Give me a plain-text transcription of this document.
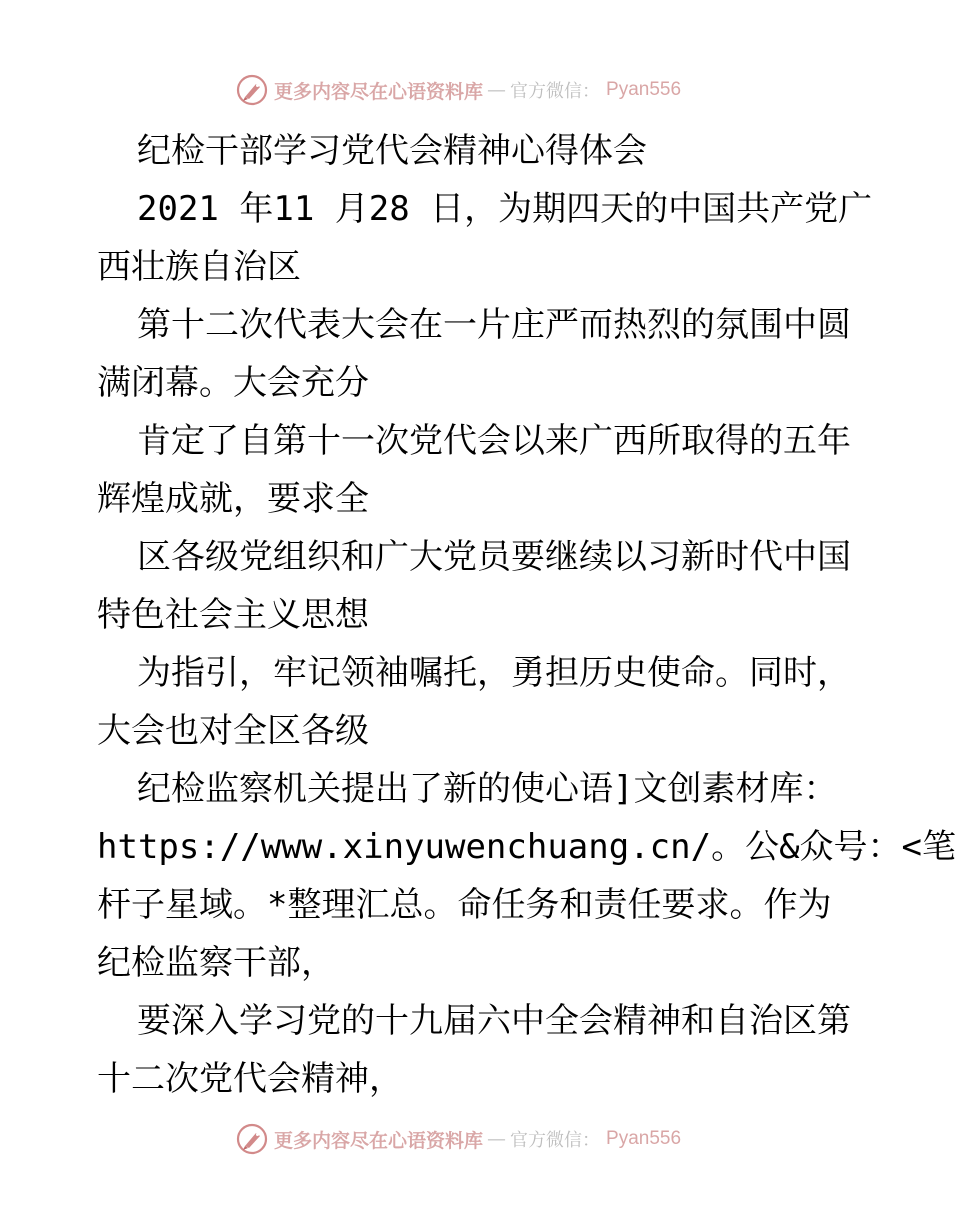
更多内容尽在心语资料库 — 官方微信： Pyan556
纪检干部学习党代会精神心得体会
2021 年11 月28 日，为期四天的中国共产党广
西壮族自治区
第十二次代表大会在一片庄严而热烈的氛围中圆
满闭幕。大会充分
肯定了自第十一次党代会以来广西所取得的五年
辉煌成就，要求全
区各级党组织和广大党员要继续以习新时代中国
特色社会主义思想
为指引，牢记领袖嘱托，勇担历史使命。同时，
大会也对全区各级
纪检监察机关提出了新的使心语]文创素材库：
https://www.xinyuwenchuang.cn/。公&众号：<笔
杆子星域。*整理汇总。命任务和责任要求。作为
纪检监察干部，
要深入学习党的十九届六中全会精神和自治区第
十二次党代会精神，
更多内容尽在心语资料库 — 官方微信： Pyan556
